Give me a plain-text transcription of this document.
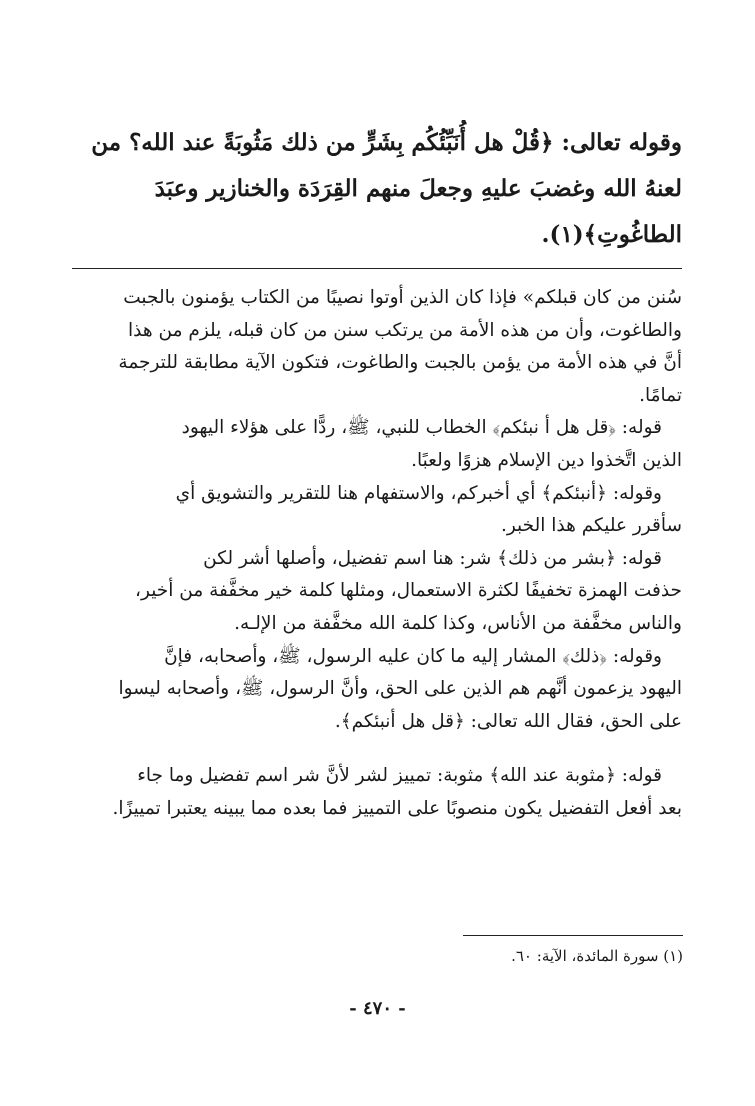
وقوله تعالى: ﴿قُلْ هل أُنَبِّئُكُم بِشَرٍّ من ذلك مَثُوبَةً عند الله؟ من
لعنهُ الله وغضبَ عليهِ وجعلَ منهم القِرَدَة والخنازير وعبَدَ
الطاغُوتِ﴾(١).

سُنن من كان قبلكم» فإذا كان الذين أوتوا نصيبًا من الكتاب يؤمنون بالجبت
والطاغوت، وأن من هذه الأمة من يرتكب سنن من كان قبله، يلزم من هذا
أنَّ في هذه الأمة من يؤمن بالجبت والطاغوت، فتكون الآية مطابقة للترجمة
تمامًا.

قوله: ﴿قل هل أ نبئكم﴾ الخطاب للنبي، ﷺ، ردًّا على هؤلاء اليهود
الذين اتَّخذوا دين الإسلام هزوًا ولعبًا.

وقوله: ﴿أنبئكم﴾ أي أخبركم، والاستفهام هنا للتقرير والتشويق أي
سأقرر عليكم هذا الخبر.

قوله: ﴿بشر من ذلك﴾ شر: هنا اسم تفضيل، وأصلها أشر لكن
حذفت الهمزة تخفيفًا لكثرة الاستعمال، ومثلها كلمة خير مخفَّفة من أخير،
والناس مخفَّفة من الأناس، وكذا كلمة الله مخفَّفة من الإلـه.

وقوله: ﴿ذلك﴾ المشار إليه ما كان عليه الرسول، ﷺ، وأصحابه، فإنَّ
اليهود يزعمون أنَّهم هم الذين على الحق، وأنَّ الرسول، ﷺ، وأصحابه ليسوا
على الحق، فقال الله تعالى: ﴿قل هل أنبئكم﴾.

قوله: ﴿مثوبة عند الله﴾ مثوبة: تمييز لشر لأنَّ شر اسم تفضيل وما جاء
بعد أفعل التفضيل يكون منصوبًا على التمييز فما بعده مما يبينه يعتبرا تمييزًا.

(١) سورة المائدة، الآية: ٦٠.
- ٤٧٠ -
